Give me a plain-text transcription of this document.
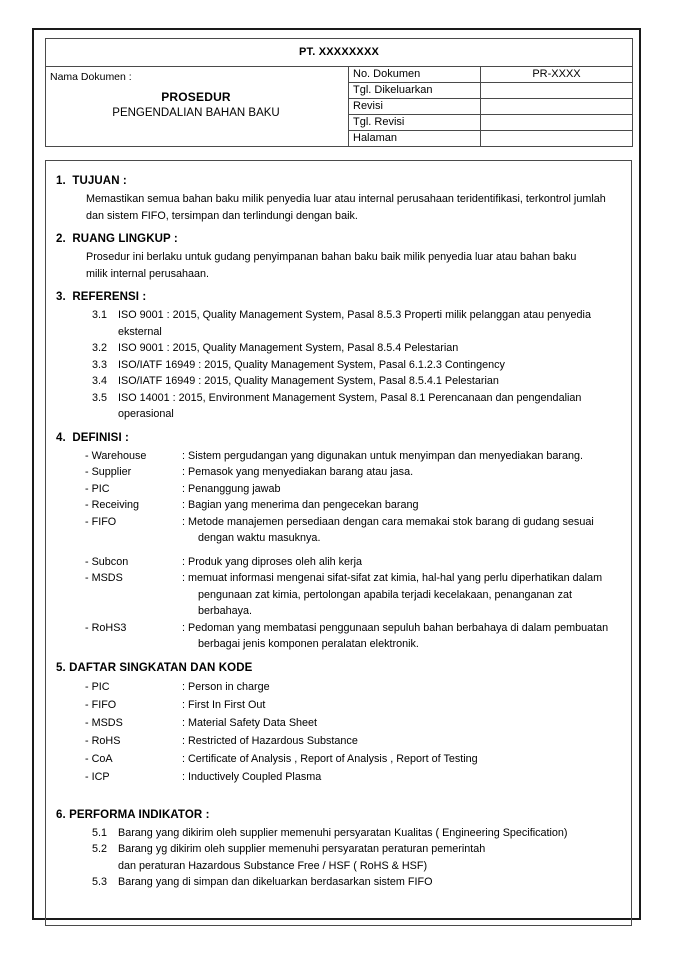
PT. XXXXXXXX		

Nama Dokumen :
PROSEDUR
PENGENDALIAN BAHAN BAKU	No. Dokumen	PR-XXXX
	Tgl. Dikeluarkan	
	Revisi	
	Tgl. Revisi	
	Halaman	
1.  TUJUAN :
Memastikan semua bahan baku milik penyedia luar atau internal perusahaan teridentifikasi, terkontrol jumlah
dan sistem FIFO, tersimpan dan terlindungi dengan baik.
2.  RUANG LINGKUP :
Prosedur ini berlaku untuk gudang penyimpanan bahan baku baik milik penyedia luar atau bahan baku
milik internal perusahaan.
3.  REFERENSI :
3.1	ISO 9001 : 2015, Quality Management System, Pasal 8.5.3 Properti milik pelanggan atau penyedia eksternal
3.2	ISO 9001 : 2015, Quality Management System, Pasal 8.5.4 Pelestarian
3.3	ISO/IATF 16949 : 2015, Quality Management System, Pasal 6.1.2.3 Contingency
3.4	ISO/IATF 16949 : 2015, Quality Management System, Pasal 8.5.4.1 Pelestarian
3.5	ISO 14001 : 2015, Environment Management System, Pasal 8.1 Perencanaan dan pengendalian operasional
4.  DEFINISI :
- Warehouse	: Sistem pergudangan yang digunakan untuk menyimpan dan menyediakan barang.
- Supplier	: Pemasok yang menyediakan barang atau jasa.
- PIC	: Penanggung jawab
- Receiving	: Bagian yang menerima dan pengecekan barang
- FIFO	: Metode manajemen persediaan dengan cara memakai stok barang di gudang sesuai
dengan waktu masuknya.
- Subcon	: Produk yang diproses oleh alih kerja
- MSDS	: memuat informasi mengenai sifat-sifat zat kimia, hal-hal yang perlu diperhatikan dalam
pengunaan zat kimia, pertolongan apabila terjadi kecelakaan, penanganan zat berbahaya.
- RoHS3	: Pedoman yang membatasi penggunaan sepuluh bahan berbahaya di dalam pembuatan
berbagai jenis komponen peralatan elektronik.
5. DAFTAR SINGKATAN DAN KODE
- PIC	: Person in charge
- FIFO	: First In First Out
- MSDS	: Material Safety Data Sheet
- RoHS	: Restricted of Hazardous Substance
- CoA	: Certificate of Analysis , Report of Analysis , Report of Testing
- ICP	: Inductively Coupled Plasma
6. PERFORMA INDIKATOR :
5.1	Barang yang dikirim oleh supplier memenuhi persyaratan Kualitas ( Engineering Specification)
5.2	Barang yg dikirim oleh supplier memenuhi persyaratan peraturan pemerintah
dan peraturan Hazardous Substance Free / HSF ( RoHS & HSF)
5.3	Barang yang di simpan dan dikeluarkan berdasarkan sistem FIFO
